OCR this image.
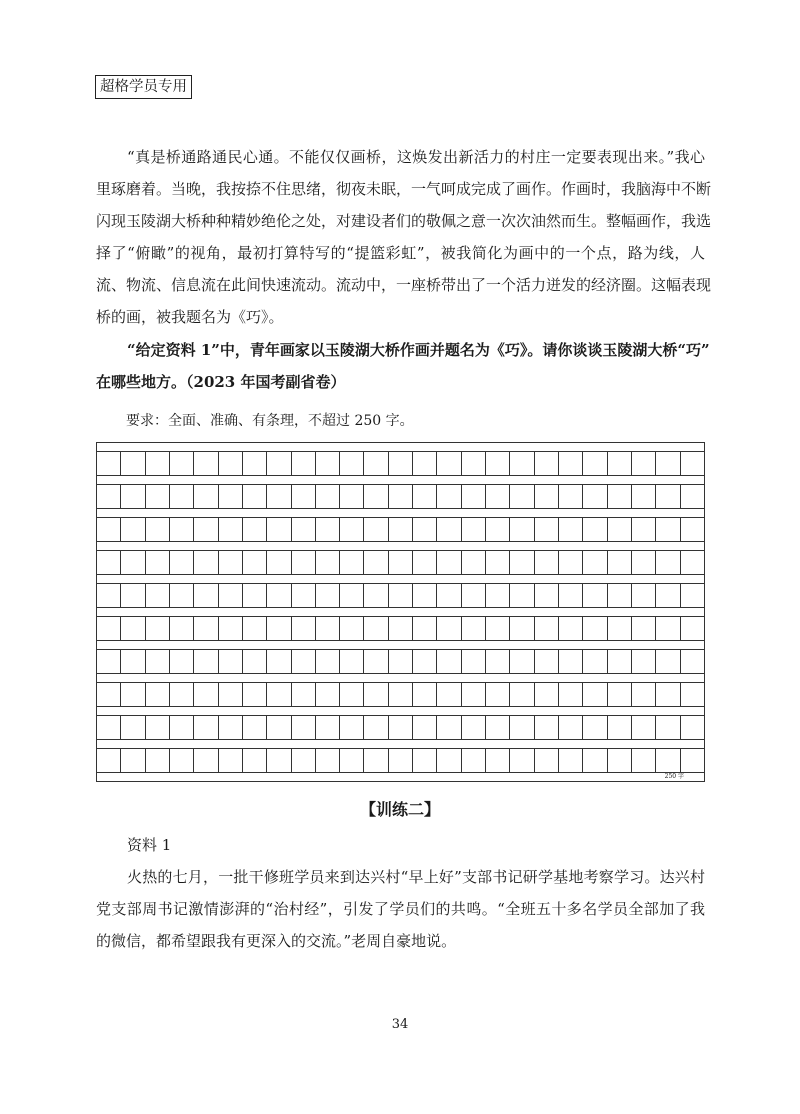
超格学员专用
“真是桥通路通民心通。不能仅仅画桥，这焕发出新活力的村庄一定要表现出来。”我心
里琢磨着。当晚，我按捺不住思绪，彻夜未眠，一气呵成完成了画作。作画时，我脑海中不断
闪现玉陵湖大桥种种精妙绝伦之处，对建设者们的敬佩之意一次次油然而生。整幅画作，我选
择了“俯瞰”的视角，最初打算特写的“提篮彩虹”，被我简化为画中的一个点，路为线，人
流、物流、信息流在此间快速流动。流动中，一座桥带出了一个活力迸发的经济圈。这幅表现
桥的画，被我题名为《巧》。
“给定资料 1”中，青年画家以玉陵湖大桥作画并题名为《巧》。请你谈谈玉陵湖大桥“巧”
在哪些地方。（2023 年国考副省卷）
要求：全面、准确、有条理，不超过 250 字。
250 字
【训练二】
资料 1
火热的七月，一批干修班学员来到达兴村“早上好”支部书记研学基地考察学习。达兴村
党支部周书记激情澎湃的“治村经”，引发了学员们的共鸣。“全班五十多名学员全部加了我
的微信，都希望跟我有更深入的交流。”老周自豪地说。
34
